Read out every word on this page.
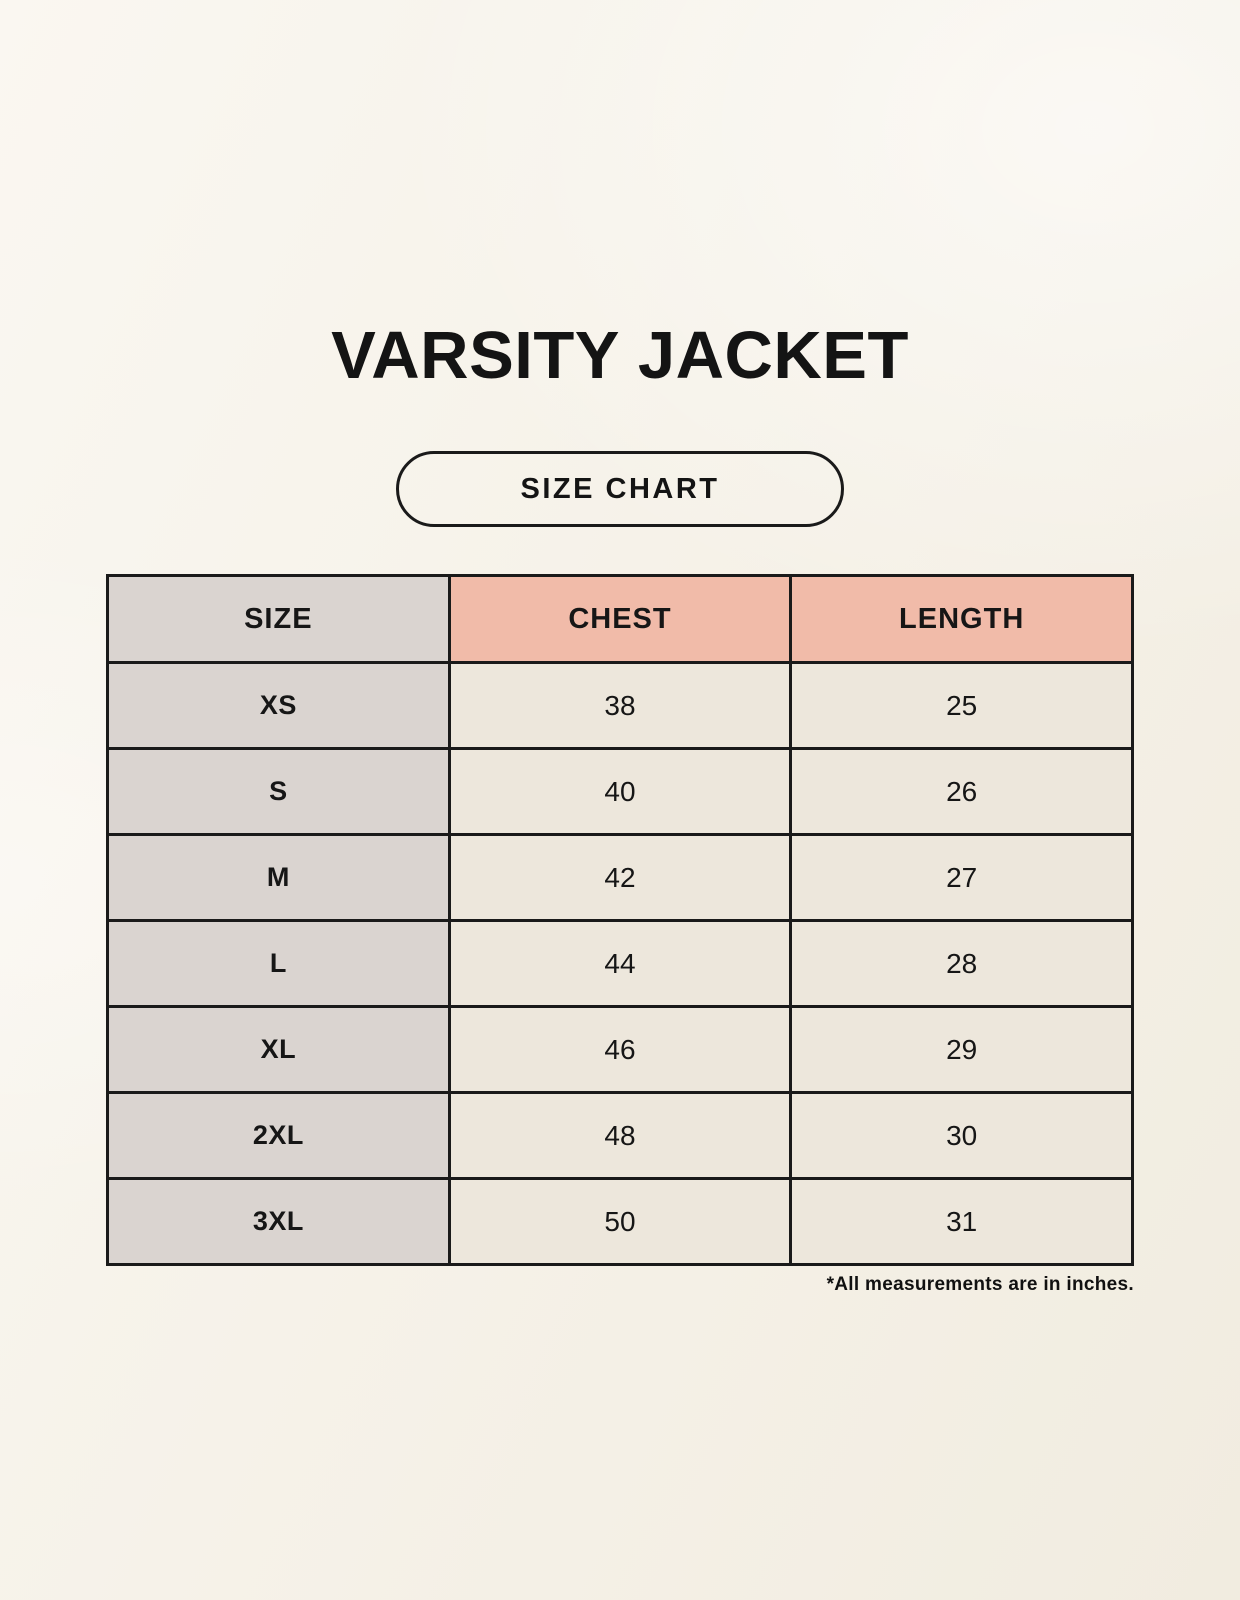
VARSITY JACKET
SIZE CHART
SIZE	CHEST	LENGTH
XS	38	25
S	40	26
M	42	27
L	44	28
XL	46	29
2XL	48	30
3XL	50	31
*All measurements are in inches.
